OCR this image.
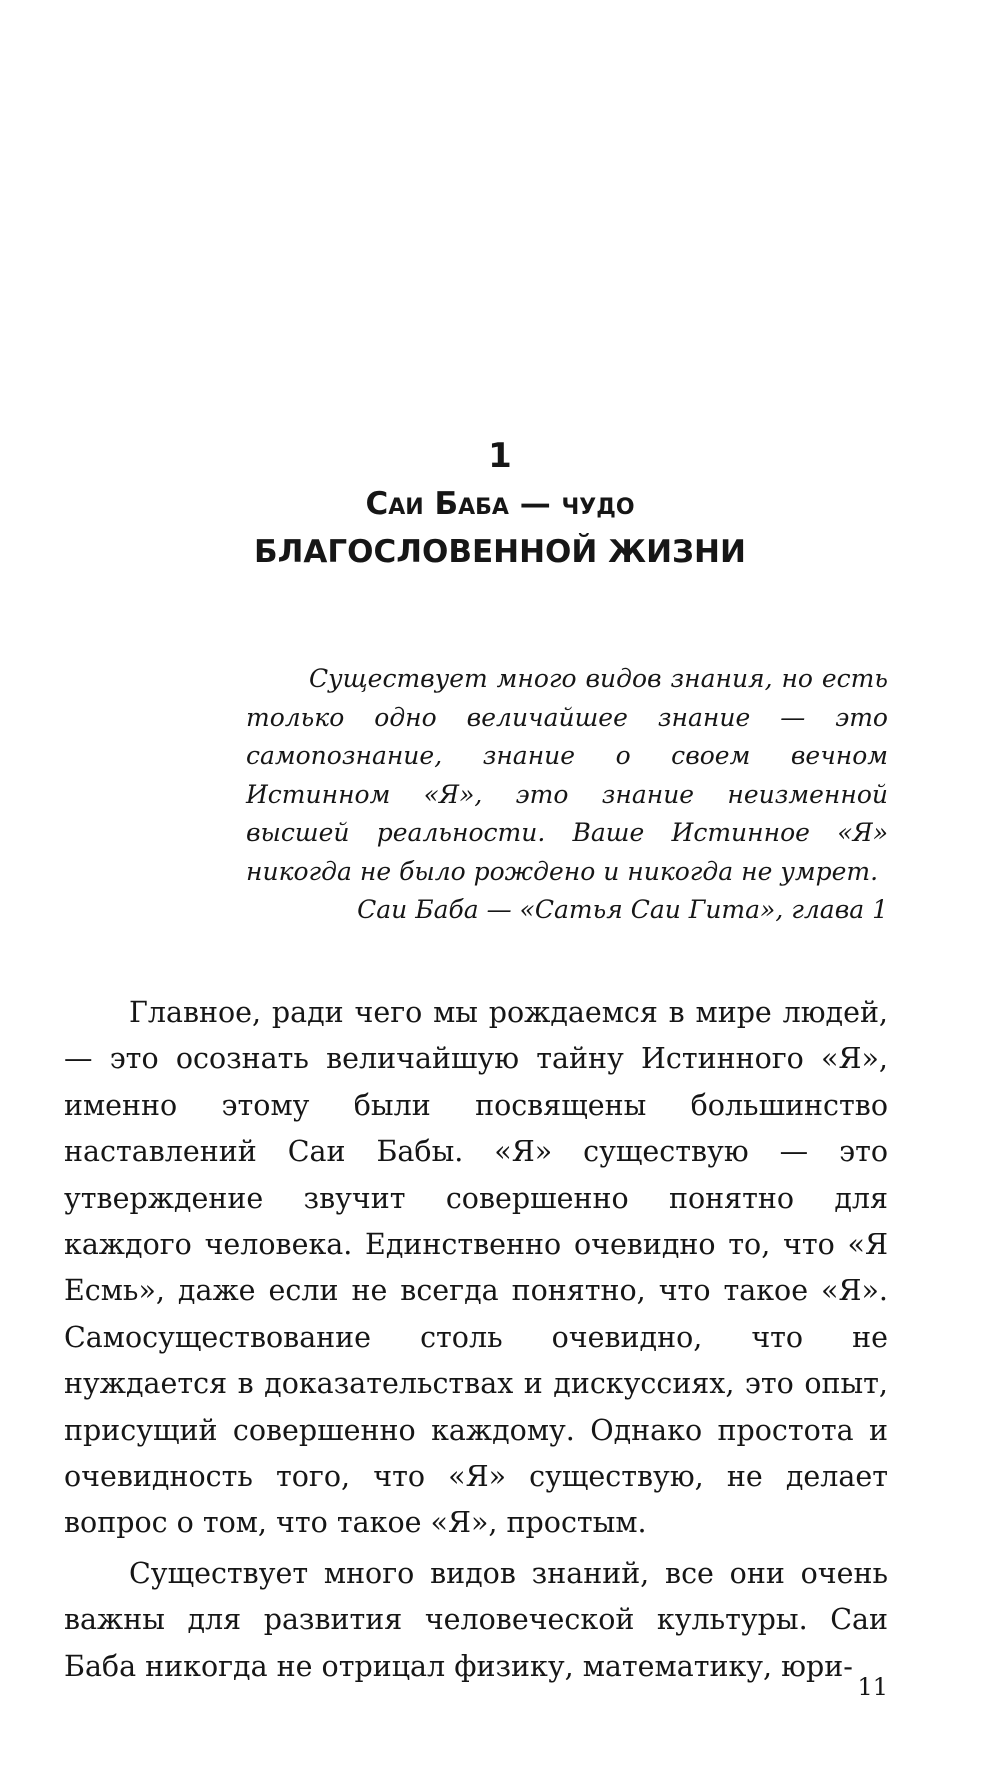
1
Саи Баба — чудо
БЛАГОСЛОВЕННОЙ ЖИЗНИ

Существует много видов знания, но есть только одно величайшее знание — это самопознание, знание о своем вечном Истинном «Я», это знание неизменной высшей реальности. Ваше Истинное «Я» никогда не было рождено и никогда не умрет.

Саи Баба — «Сатья Саи Гита», глава 1

Главное, ради чего мы рождаемся в мире людей, — это осознать величайшую тайну Истинного «Я», именно этому были посвящены большинство наставлений Саи Бабы. «Я» существую — это утверждение звучит совершенно понятно для каждого человека. Единственно очевидно то, что «Я Есмь», даже если не всегда понятно, что такое «Я». Самосуществование столь очевидно, что не нуждается в доказательствах и дискуссиях, это опыт, присущий совершенно каждому. Однако простота и очевидность того, что «Я» существую, не делает вопрос о том, что такое «Я», простым.

Существует много видов знаний, все они очень важны для развития человеческой культуры. Саи Баба никогда не отрицал физику, математику, юри-

11
